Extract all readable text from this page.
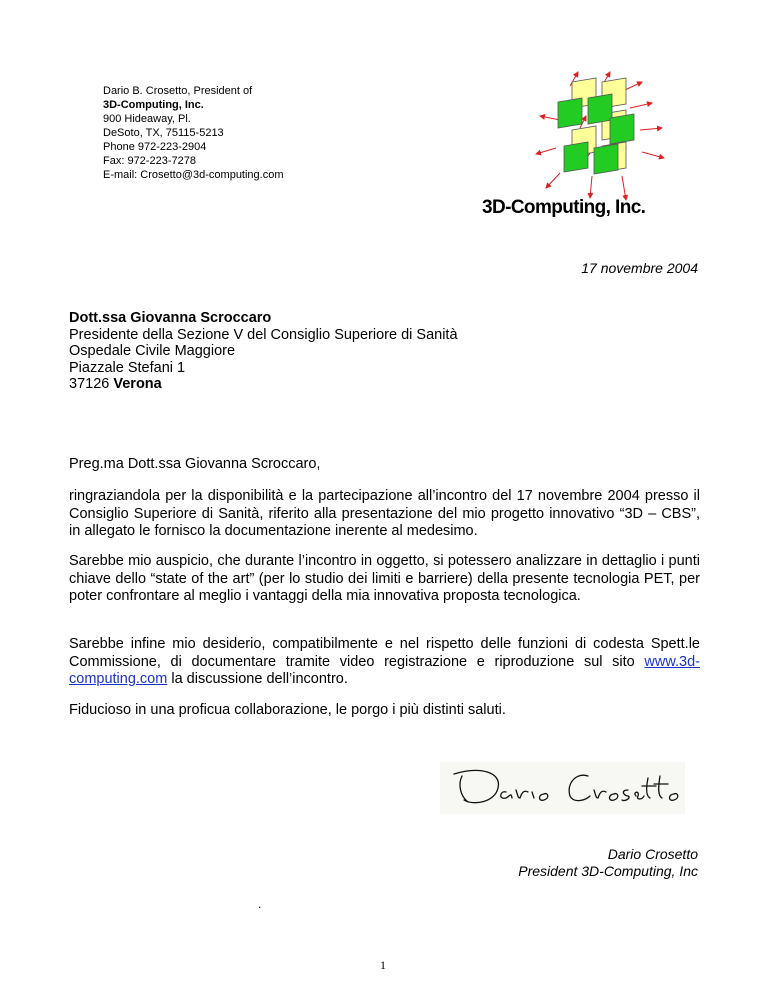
Dario B. Crosetto, President of
3D-Computing, Inc.
900 Hideaway, Pl.
DeSoto, TX, 75115-5213
Phone 972-223-2904
Fax: 972-223-7278
E-mail: Crosetto@3d-computing.com
3D-Computing, Inc.
17 novembre 2004
Dott.ssa Giovanna Scroccaro
Presidente della Sezione V del Consiglio Superiore di Sanità
Ospedale Civile Maggiore
Piazzale Stefani 1
37126 Verona
Preg.ma Dott.ssa Giovanna Scroccaro,
ringraziandola per la disponibilità e la partecipazione all’incontro del 17 novembre 2004 presso il Consiglio Superiore di Sanità, riferito alla presentazione del mio progetto innovativo “3D – CBS”, in allegato le fornisco la documentazione inerente al medesimo.
Sarebbe mio auspicio, che durante l’incontro in oggetto, si potessero analizzare in dettaglio i punti chiave dello “state of the art” (per lo studio dei limiti e barriere) della presente tecnologia PET, per poter confrontare al meglio i vantaggi della mia innovativa proposta tecnologica.
Sarebbe infine mio desiderio, compatibilmente e nel rispetto delle funzioni di codesta Spett.le Commissione, di documentare tramite video registrazione e riproduzione sul sito www.3d-computing.com la discussione dell’incontro.
Fiducioso in una proficua collaborazione, le porgo i più distinti saluti.
Dario Crosetto
President 3D-Computing, Inc
.
1
